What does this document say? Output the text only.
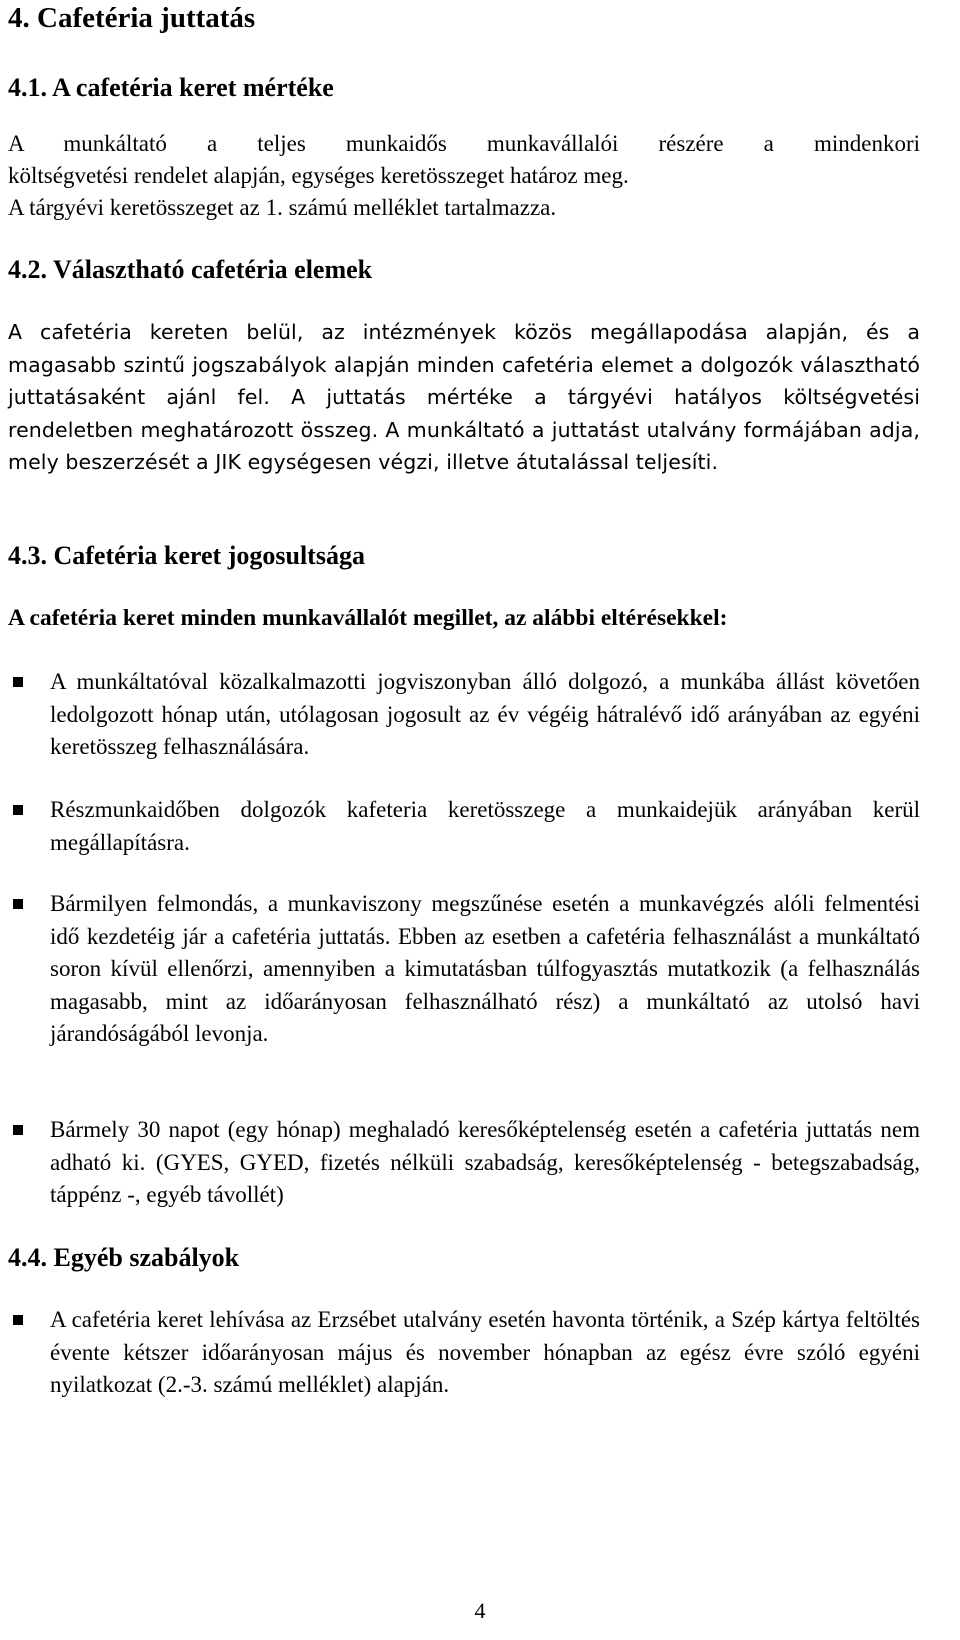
4. Cafetéria juttatás
4.1. A cafetéria keret mértéke

A munkáltató a teljes munkaidős munkavállalói részére a mindenkori

költségvetési rendelet alapján, egységes keretösszeget határoz meg.

A tárgyévi keretösszeget az 1. számú melléklet tartalmazza.

4.2. Választható cafetéria elemek

A cafetéria kereten belül, az intézmények közös megállapodása alapján, és a magasabb szintű jogszabályok alapján minden cafetéria elemet a dolgozók választható juttatásaként ajánl fel. A juttatás mértéke a tárgyévi hatályos költségvetési rendeletben meghatározott összeg. A munkáltató a juttatást utalvány formájában adja, mely beszerzését a JIK egységesen végzi, illetve átutalással teljesíti.

4.3. Cafetéria keret jogosultsága

A cafetéria keret minden munkavállalót megillet, az alábbi eltérésekkel:

A munkáltatóval közalkalmazotti jogviszonyban álló dolgozó, a munkába állást követően ledolgozott hónap után, utólagosan jogosult az év végéig hátralévő idő arányában az egyéni keretösszeg felhasználására.

Részmunkaidőben dolgozók kafeteria keretösszege a munkaidejük arányában kerül megállapításra.

Bármilyen felmondás, a munkaviszony megszűnése esetén a munkavégzés alóli felmentési idő kezdetéig jár a cafetéria juttatás. Ebben az esetben a cafetéria felhasználást a munkáltató soron kívül ellenőrzi, amennyiben a kimutatásban túlfogyasztás mutatkozik (a felhasználás magasabb, mint az időarányosan felhasználható rész) a munkáltató az utolsó havi járandóságából levonja.

Bármely 30 napot (egy hónap) meghaladó keresőképtelenség esetén a cafetéria juttatás nem adható ki. (GYES, GYED, fizetés nélküli szabadság, keresőképtelenség - betegszabadság, táppénz -, egyéb távollét)

4.4. Egyéb szabályok

A cafetéria keret lehívása az Erzsébet utalvány esetén havonta történik, a Szép kártya feltöltés évente kétszer időarányosan május és november hónapban az egész évre szóló egyéni nyilatkozat (2.-3. számú melléklet) alapján.

4
